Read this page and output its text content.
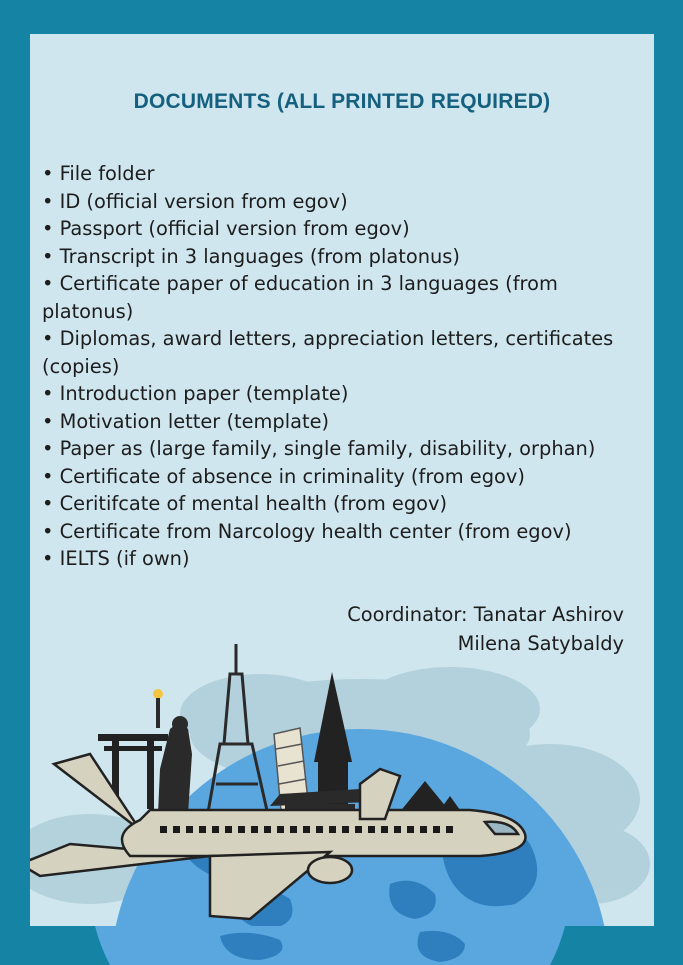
DOCUMENTS (ALL PRINTED REQUIRED)
• File folder
• ID (official version from egov)
• Passport (official version from egov)
• Transcript in 3 languages (from platonus)
• Certificate paper of education in 3 languages (from platonus)
• Diplomas, award letters, appreciation letters, certificates (copies)
• Introduction paper (template)
• Motivation letter (template)
• Paper as (large family, single family, disability, orphan)
• Certificate of absence in criminality (from egov)
• Ceritifcate of mental health (from egov)
• Certificate from Narcology health center (from egov)
• IELTS (if own)
Coordinator: Tanatar Ashirov
Milena Satybaldy
